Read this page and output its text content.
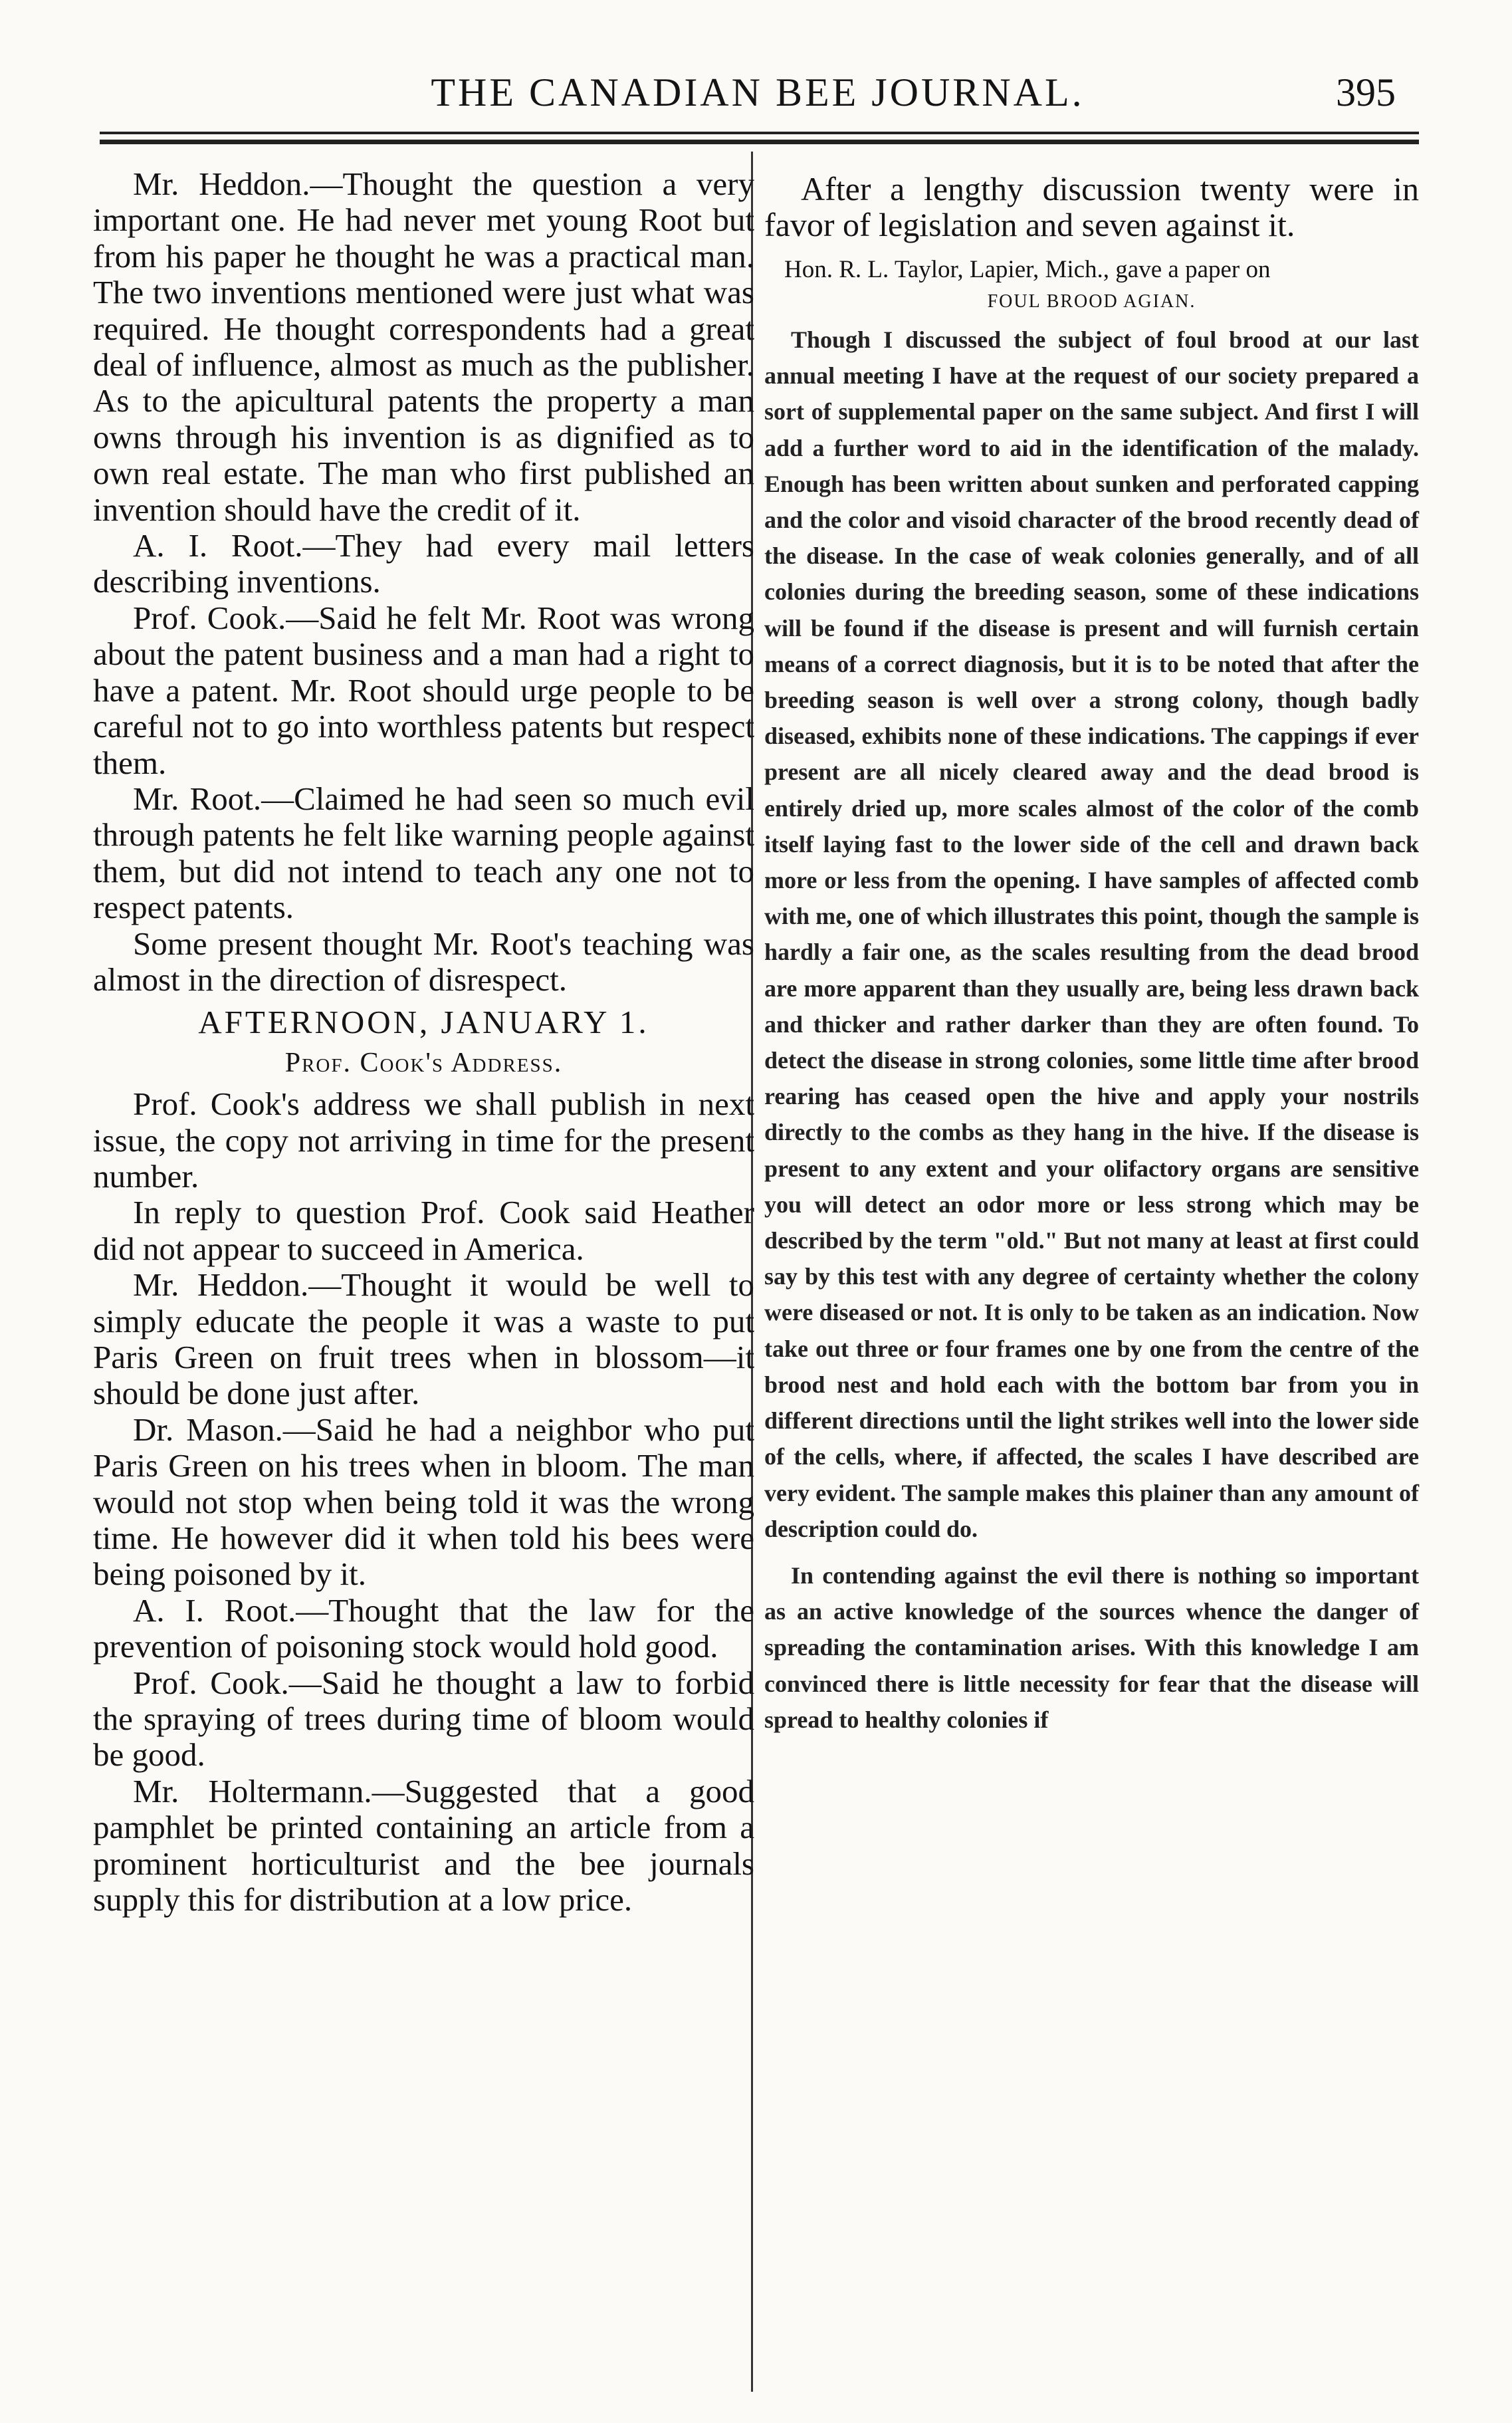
THE CANADIAN BEE JOURNAL.	395

Mr. Heddon.—Thought the question a very important one. He had never met young Root but from his paper he thought he was a practical man. The two inventions mentioned were just what was required. He thought correspondents had a great deal of influence, almost as much as the publisher. As to the apicultural patents the property a man owns through his invention is as dignified as to own real estate. The man who first published an invention should have the credit of it.

A. I. Root.—They had every mail letters describing inventions.

Prof. Cook.—Said he felt Mr. Root was wrong about the patent business and a man had a right to have a patent. Mr. Root should urge people to be careful not to go into worthless patents but respect them.

Mr. Root.—Claimed he had seen so much evil through patents he felt like warning people against them, but did not intend to teach any one not to respect patents.

Some present thought Mr. Root's teaching was almost in the direction of disrespect.

AFTERNOON, JANUARY 1.

Prof. Cook's Address.

Prof. Cook's address we shall publish in next issue, the copy not arriving in time for the present number.

In reply to question Prof. Cook said Heather did not appear to succeed in America.

Mr. Heddon.—Thought it would be well to simply educate the people it was a waste to put Paris Green on fruit trees when in blossom—it should be done just after.

Dr. Mason.—Said he had a neighbor who put Paris Green on his trees when in bloom. The man would not stop when being told it was the wrong time. He however did it when told his bees were being poisoned by it.

A. I. Root.—Thought that the law for the prevention of poisoning stock would hold good.

Prof. Cook.—Said he thought a law to forbid the spraying of trees during time of bloom would be good.

Mr. Holtermann.—Suggested that a good pamphlet be printed containing an article from a prominent horticulturist and the bee journals supply this for distribution at a low price.

After a lengthy discussion twenty were in favor of legislation and seven against it.

Hon. R. L. Taylor, Lapier, Mich., gave a paper on

FOUL BROOD AGIAN.

Though I discussed the subject of foul brood at our last annual meeting I have at the request of our society prepared a sort of supplemental paper on the same subject. And first I will add a further word to aid in the identification of the malady. Enough has been written about sunken and perforated capping and the color and visoid character of the brood recently dead of the disease. In the case of weak colonies generally, and of all colonies during the breeding season, some of these indications will be found if the disease is present and will furnish certain means of a correct diagnosis, but it is to be noted that after the breeding season is well over a strong colony, though badly diseased, exhibits none of these indications. The cappings if ever present are all nicely cleared away and the dead brood is entirely dried up, more scales almost of the color of the comb itself laying fast to the lower side of the cell and drawn back more or less from the opening. I have samples of affected comb with me, one of which illustrates this point, though the sample is hardly a fair one, as the scales resulting from the dead brood are more apparent than they usually are, being less drawn back and thicker and rather darker than they are often found. To detect the disease in strong colonies, some little time after brood rearing has ceased open the hive and apply your nostrils directly to the combs as they hang in the hive. If the disease is present to any extent and your olifactory organs are sensitive you will detect an odor more or less strong which may be described by the term "old." But not many at least at first could say by this test with any degree of certainty whether the colony were diseased or not. It is only to be taken as an indication. Now take out three or four frames one by one from the centre of the brood nest and hold each with the bottom bar from you in different directions until the light strikes well into the lower side of the cells, where, if affected, the scales I have described are very evident. The sample makes this plainer than any amount of description could do.

In contending against the evil there is nothing so important as an active knowledge of the sources whence the danger of spreading the contamination arises. With this knowledge I am convinced there is little necessity for fear that the disease will spread to healthy colonies if
